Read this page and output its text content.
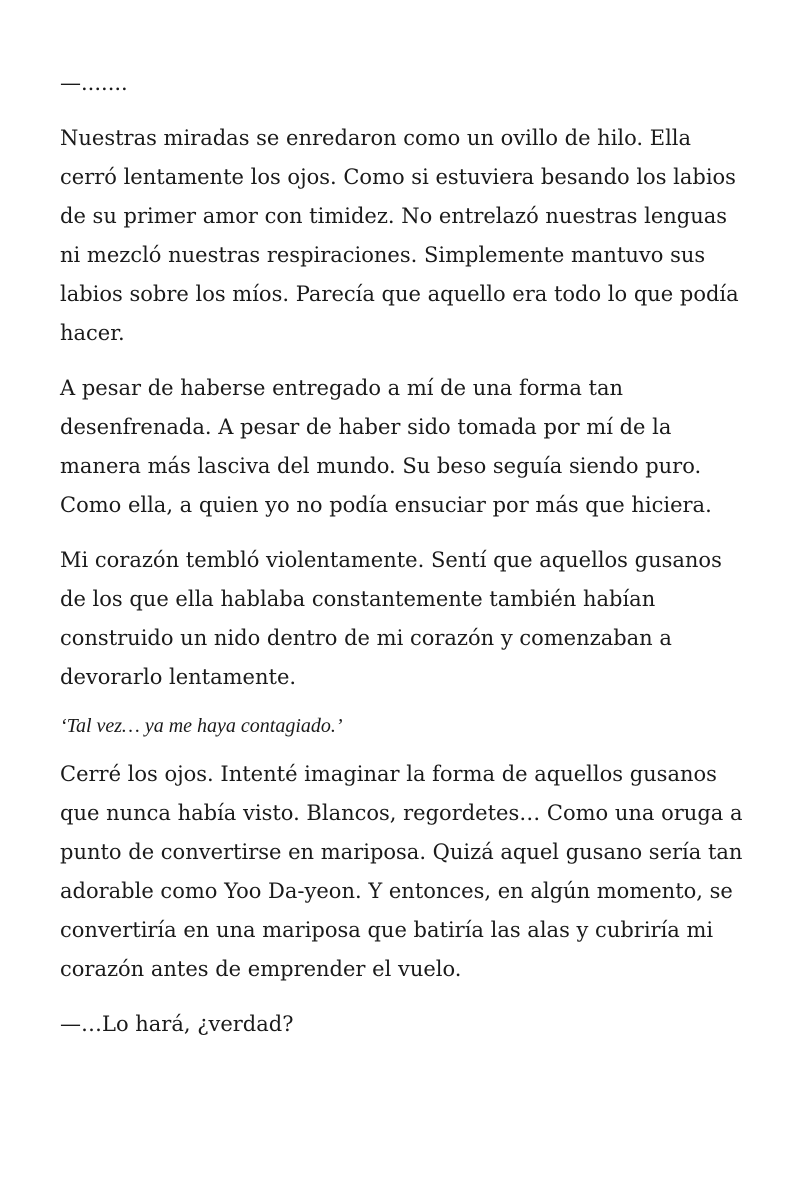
—.......

Nuestras miradas se enredaron como un ovillo de hilo. Ella cerró lentamente los ojos. Como si estuviera besando los labios de su primer amor con timidez. No entrelazó nuestras lenguas ni mezcló nuestras respiraciones. Simplemente mantuvo sus labios sobre los míos. Parecía que aquello era todo lo que podía hacer.

A pesar de haberse entregado a mí de una forma tan desenfrenada. A pesar de haber sido tomada por mí de la manera más lasciva del mundo. Su beso seguía siendo puro. Como ella, a quien yo no podía ensuciar por más que hiciera.

Mi corazón tembló violentamente. Sentí que aquellos gusanos de los que ella hablaba constantemente también habían construido un nido dentro de mi corazón y comenzaban a devorarlo lentamente.

‘Tal vez… ya me haya contagiado.’

Cerré los ojos. Intenté imaginar la forma de aquellos gusanos que nunca había visto. Blancos, regordetes… Como una oruga a punto de convertirse en mariposa. Quizá aquel gusano sería tan adorable como Yoo Da-yeon. Y entonces, en algún momento, se convertiría en una mariposa que batiría las alas y cubriría mi corazón antes de emprender el vuelo.

—…Lo hará, ¿verdad?
